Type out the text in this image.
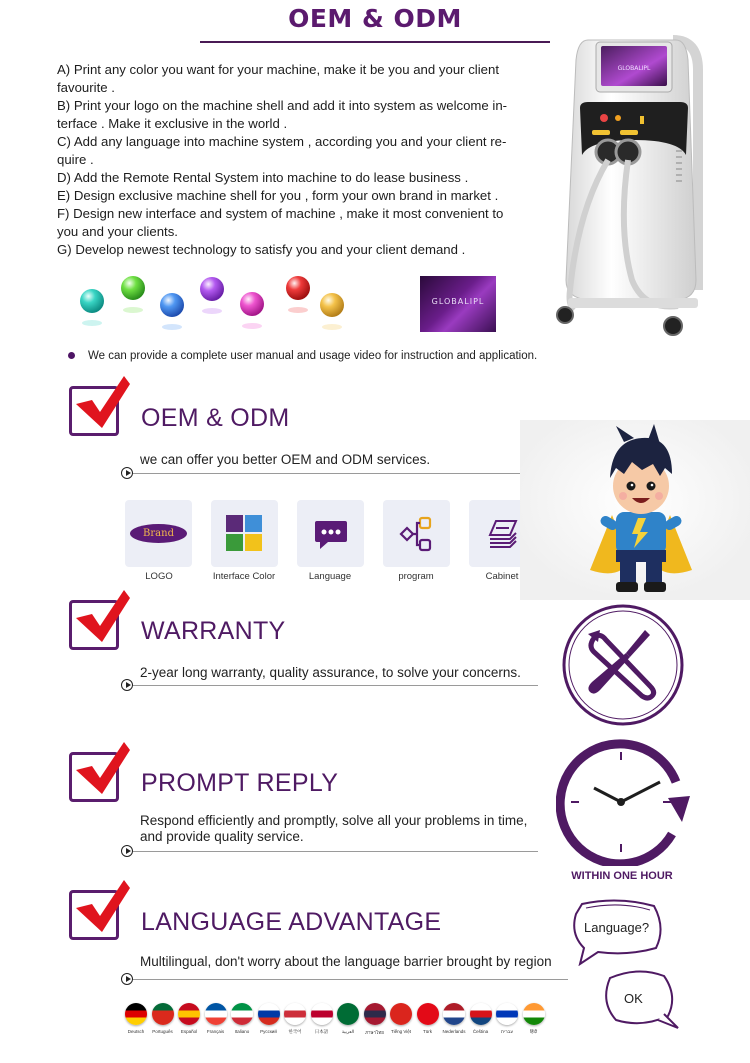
OEM & ODM
A) Print any color you want for your machine, make it be you and your client
favourite .
B) Print your logo on the machine shell and add it into system as welcome in-
terface . Make it exclusive in the world .
C) Add any language into machine system , according you and your client re-
quire .
D) Add the Remote Rental System into machine to do lease business .
E) Design exclusive machine shell for you , form your own brand in market .
F) Design new interface and system of machine , make it most convenient to
you and your clients.
G) Develop newest technology to satisfy you and your client demand .
GLOBALIPL
GLOBALIPL
We can provide a complete user manual and usage video for instruction and application.
OEM & ODM
we can offer you better OEM and ODM services.
Brand
LOGO	Interface Color	Language	program	Cabinet
WARRANTY
2-year long warranty, quality assurance, to solve your concerns.
PROMPT REPLY
Respond efficiently and promptly, solve all your problems in time,
and provide quality service.
WITHIN ONE HOUR
LANGUAGE ADVANTAGE
Multilingual, don't worry about the language barrier brought by region
Language?
OK
Deutsch	Português	Español	Français	Italiano	Русский	한국어	日本語	العربية	ภาษาไทย	Tiếng Việt	Türk	Nederlands	Čeština	עברית	हिंदी
